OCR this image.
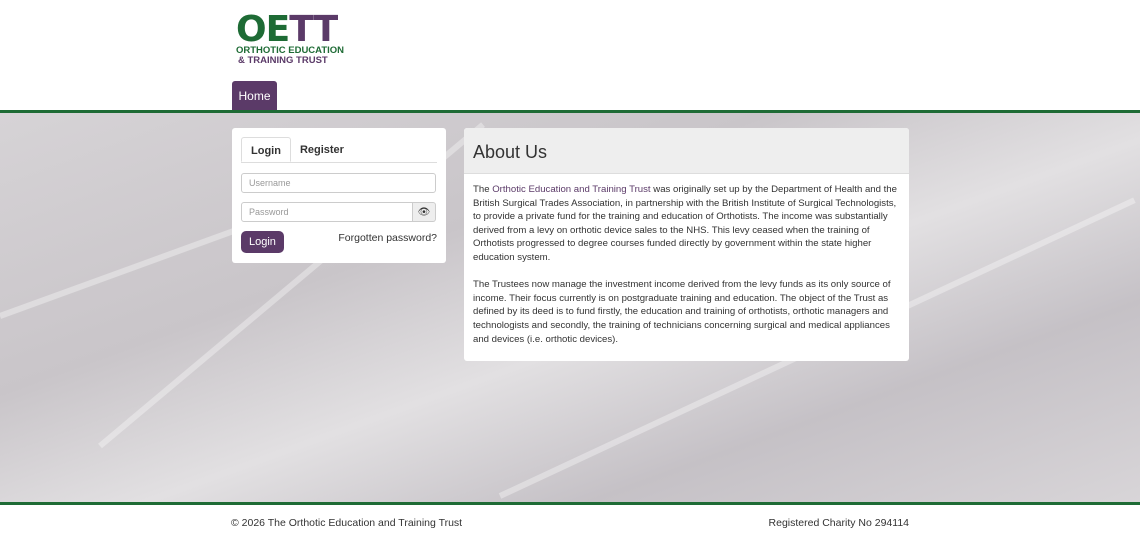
OETT
ORTHOTIC EDUCATION
& TRAINING TRUST
Home
Login	Register
Username
Password	👁
Login	Forgotten password?
About Us

The Orthotic Education and Training Trust was originally set up by the Department of Health and the British Surgical Trades Association, in partnership with the British Institute of Surgical Technologists, to provide a private fund for the training and education of Orthotists. The income was substantially derived from a levy on orthotic device sales to the NHS. This levy ceased when the training of Orthotists progressed to degree courses funded directly by government within the state higher education system.

The Trustees now manage the investment income derived from the levy funds as its only source of income. Their focus currently is on postgraduate training and education. The object of the Trust as defined by its deed is to fund firstly, the education and training of orthotists, orthotic managers and technologists and secondly, the training of technicians concerning surgical and medical appliances and devices (i.e. orthotic devices).

© 2026 The Orthotic Education and Training Trust	Registered Charity No 294114
